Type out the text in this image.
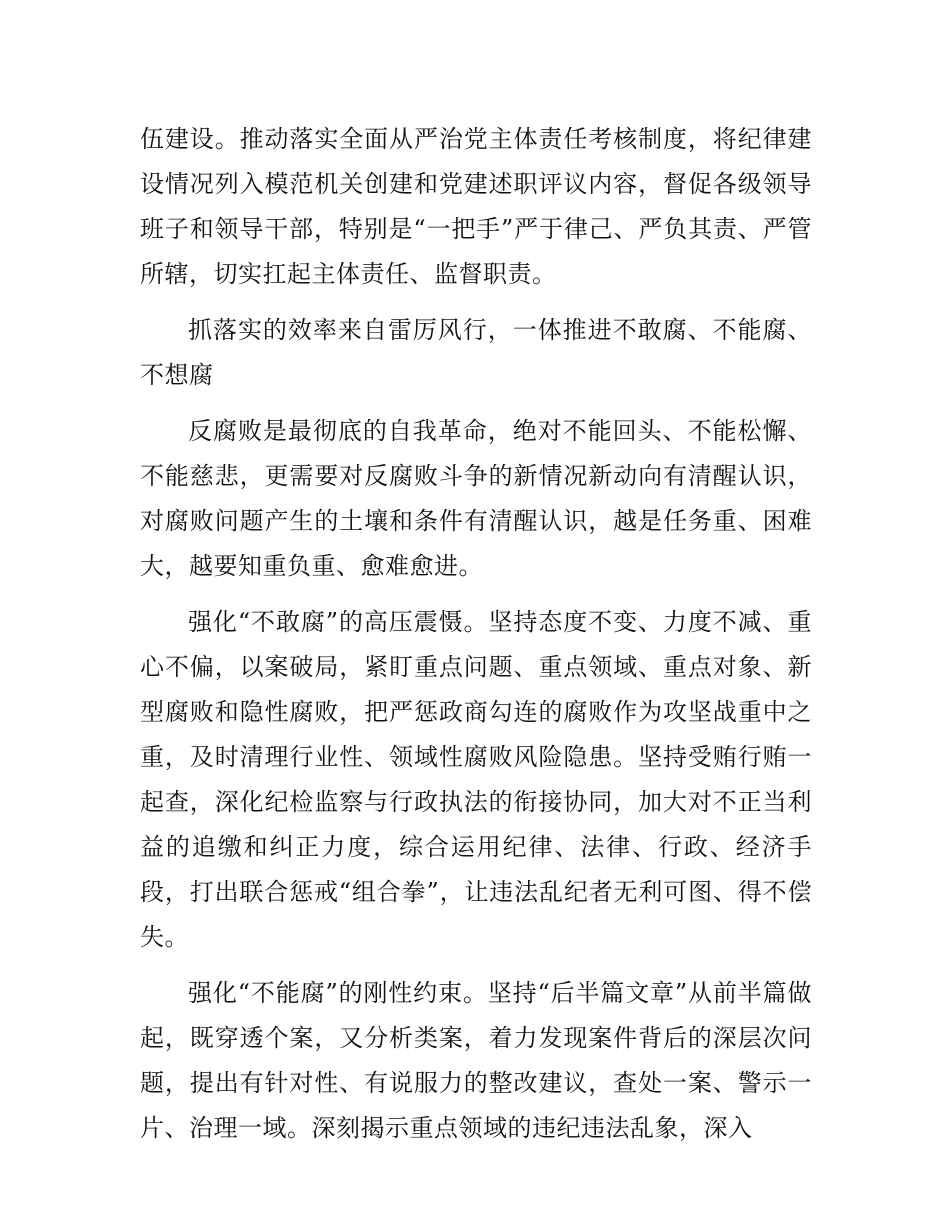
伍建设。推动落实全面从严治党主体责任考核制度，将纪律建设情况列入模范机关创建和党建述职评议内容，督促各级领导班子和领导干部，特别是“一把手”严于律己、严负其责、严管所辖，切实扛起主体责任、监督职责。

抓落实的效率来自雷厉风行，一体推进不敢腐、不能腐、不想腐

反腐败是最彻底的自我革命，绝对不能回头、不能松懈、不能慈悲，更需要对反腐败斗争的新情况新动向有清醒认识，对腐败问题产生的土壤和条件有清醒认识，越是任务重、困难大，越要知重负重、愈难愈进。

强化“不敢腐”的高压震慑。坚持态度不变、力度不减、重心不偏，以案破局，紧盯重点问题、重点领域、重点对象、新型腐败和隐性腐败，把严惩政商勾连的腐败作为攻坚战重中之重，及时清理行业性、领域性腐败风险隐患。坚持受贿行贿一起查，深化纪检监察与行政执法的衔接协同，加大对不正当利益的追缴和纠正力度，综合运用纪律、法律、行政、经济手段，打出联合惩戒“组合拳”，让违法乱纪者无利可图、得不偿失。

强化“不能腐”的刚性约束。坚持“后半篇文章”从前半篇做起，既穿透个案，又分析类案，着力发现案件背后的深层次问题，提出有针对性、有说服力的整改建议，查处一案、警示一片、治理一域。深刻揭示重点领域的违纪违法乱象，深入
